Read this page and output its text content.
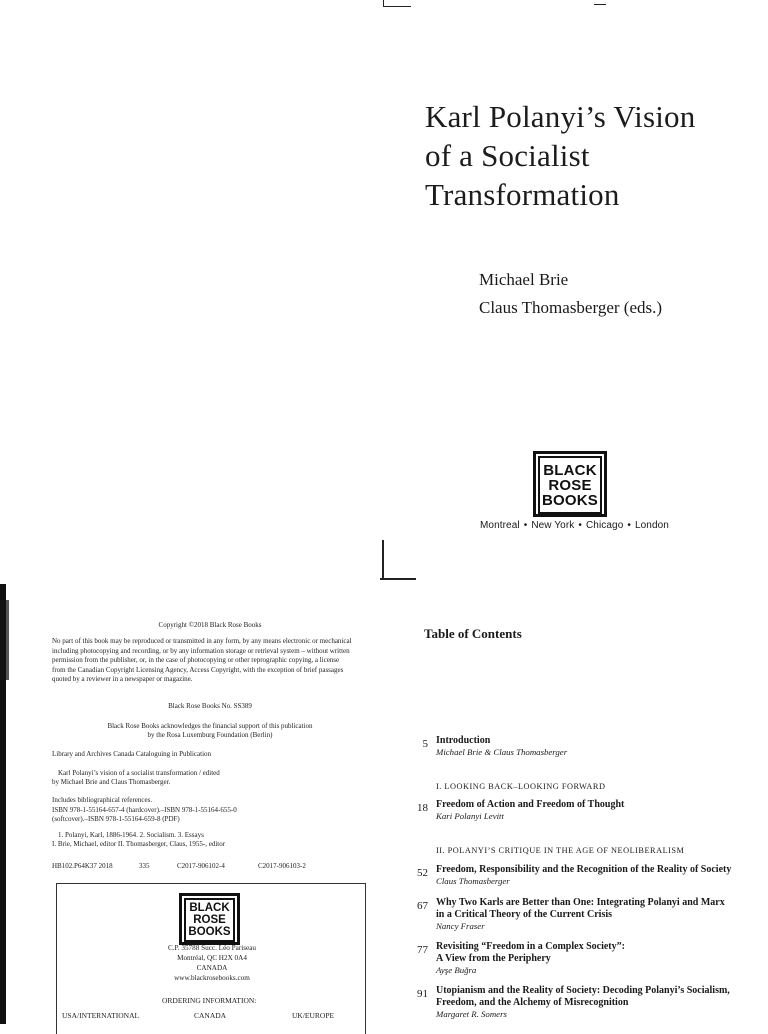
Karl Polanyi’s Vision
of a Socialist
Transformation
Michael Brie
Claus Thomasberger (eds.)
BLACK
ROSE
BOOKS
Montreal • New York • Chicago • London
Copyright ©2018 Black Rose Books
No part of this book may be reproduced or transmitted in any form, by any means electronic or mechanical
including photocopying and recording, or by any information storage or retrieval system – without written
permission from the publisher, or, in the case of photocopying or other reprographic copying, a license
from the Canadian Copyright Licensing Agency, Access Copyright, with the exception of brief passages
quoted by a reviewer in a newspaper or magazine.
Black Rose Books No. SS389
Black Rose Books acknowledges the financial support of this publication
by the Rosa Luxemburg Foundation (Berlin)
Library and Archives Canada Cataloguing in Publication
Karl Polanyi’s vision of a socialist transformation / edited
by Michael Brie and Claus Thomasberger.
Includes bibliographical references.
ISBN 978-1-55164-657-4 (hardcover).–ISBN 978-1-55164-655-0
(softcover).–ISBN 978-1-55164-659-8 (PDF)
1. Polanyi, Karl, 1886-1964. 2. Socialism. 3. Essays
I. Brie, Michael, editor II. Thomasberger, Claus, 1955-, editor
HB102.P64K37 2018	335	C2017-906102-4	C2017-906103-2
BLACK
ROSE
BOOKS
C.P. 35788 Succ. Léo Pariseau
Montréal, QC H2X 0A4
CANADA
www.blackrosebooks.com
ORDERING INFORMATION:
USA/INTERNATIONAL	CANADA	UK/EUROPE
Table of Contents
5 Introduction
Michael Brie & Claus Thomasberger
I. LOOKING BACK–LOOKING FORWARD
18 Freedom of Action and Freedom of Thought
Kari Polanyi Levitt
II. POLANYI’S CRITIQUE IN THE AGE OF NEOLIBERALISM
52 Freedom, Responsibility and the Recognition of the Reality of Society
Claus Thomasberger
67 Why Two Karls are Better than One: Integrating Polanyi and Marx
in a Critical Theory of the Current Crisis
Nancy Fraser
77 Revisiting “Freedom in a Complex Society”:
A View from the Periphery
Ayşe Buğra
91 Utopianism and the Reality of Society: Decoding Polanyi’s Socialism,
Freedom, and the Alchemy of Misrecognition
Margaret R. Somers
